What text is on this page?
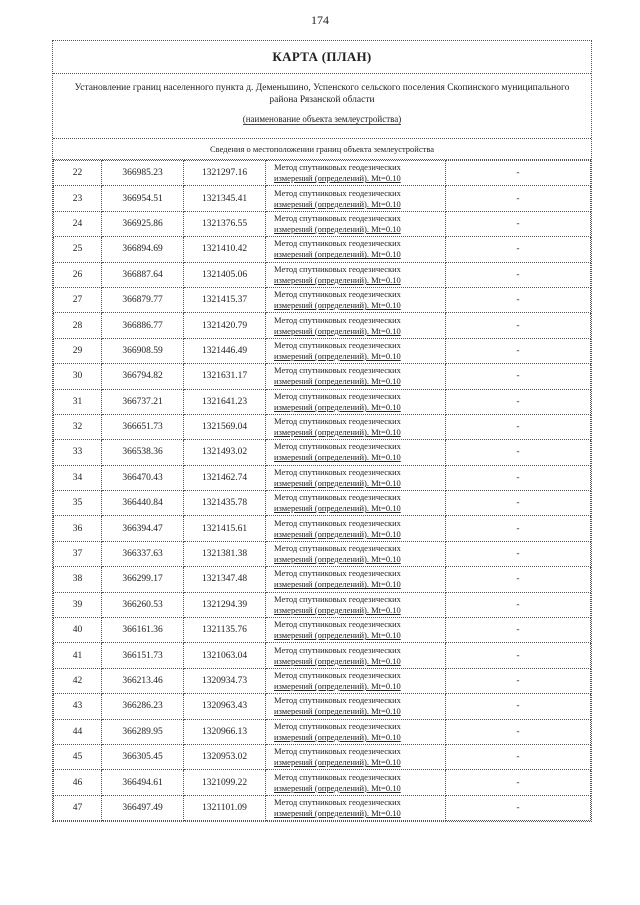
174
КАРТА (ПЛАН)
Установление границ населенного пункта д. Деменьшино, Успенского сельского поселения Скопинского муниципального района Рязанской области
(наименование объекта землеустройства)
Сведения о местоположении границ объекта землеустройства
22	366985.23	1321297.16	Метод спутниковых геодезических
измерений (определений). Mt=0.10	-
23	366954.51	1321345.41	Метод спутниковых геодезических
измерений (определений). Mt=0.10	-
24	366925.86	1321376.55	Метод спутниковых геодезических
измерений (определений). Mt=0.10	-
25	366894.69	1321410.42	Метод спутниковых геодезических
измерений (определений). Mt=0.10	-
26	366887.64	1321405.06	Метод спутниковых геодезических
измерений (определений). Mt=0.10	-
27	366879.77	1321415.37	Метод спутниковых геодезических
измерений (определений). Mt=0.10	-
28	366886.77	1321420.79	Метод спутниковых геодезических
измерений (определений). Mt=0.10	-
29	366908.59	1321446.49	Метод спутниковых геодезических
измерений (определений). Mt=0.10	-
30	366794.82	1321631.17	Метод спутниковых геодезических
измерений (определений). Mt=0.10	-
31	366737.21	1321641.23	Метод спутниковых геодезических
измерений (определений). Mt=0.10	-
32	366651.73	1321569.04	Метод спутниковых геодезических
измерений (определений). Mt=0.10	-
33	366538.36	1321493.02	Метод спутниковых геодезических
измерений (определений). Mt=0.10	-
34	366470.43	1321462.74	Метод спутниковых геодезических
измерений (определений). Mt=0.10	-
35	366440.84	1321435.78	Метод спутниковых геодезических
измерений (определений). Mt=0.10	-
36	366394.47	1321415.61	Метод спутниковых геодезических
измерений (определений). Mt=0.10	-
37	366337.63	1321381.38	Метод спутниковых геодезических
измерений (определений). Mt=0.10	-
38	366299.17	1321347.48	Метод спутниковых геодезических
измерений (определений). Mt=0.10	-
39	366260.53	1321294.39	Метод спутниковых геодезических
измерений (определений). Mt=0.10	-
40	366161.36	1321135.76	Метод спутниковых геодезических
измерений (определений). Mt=0.10	-
41	366151.73	1321063.04	Метод спутниковых геодезических
измерений (определений). Mt=0.10	-
42	366213.46	1320934.73	Метод спутниковых геодезических
измерений (определений). Mt=0.10	-
43	366286.23	1320963.43	Метод спутниковых геодезических
измерений (определений). Mt=0.10	-
44	366289.95	1320966.13	Метод спутниковых геодезических
измерений (определений). Mt=0.10	-
45	366305.45	1320953.02	Метод спутниковых геодезических
измерений (определений). Mt=0.10	-
46	366494.61	1321099.22	Метод спутниковых геодезических
измерений (определений). Mt=0.10	-
47	366497.49	1321101.09	Метод спутниковых геодезических
измерений (определений). Mt=0.10	-
